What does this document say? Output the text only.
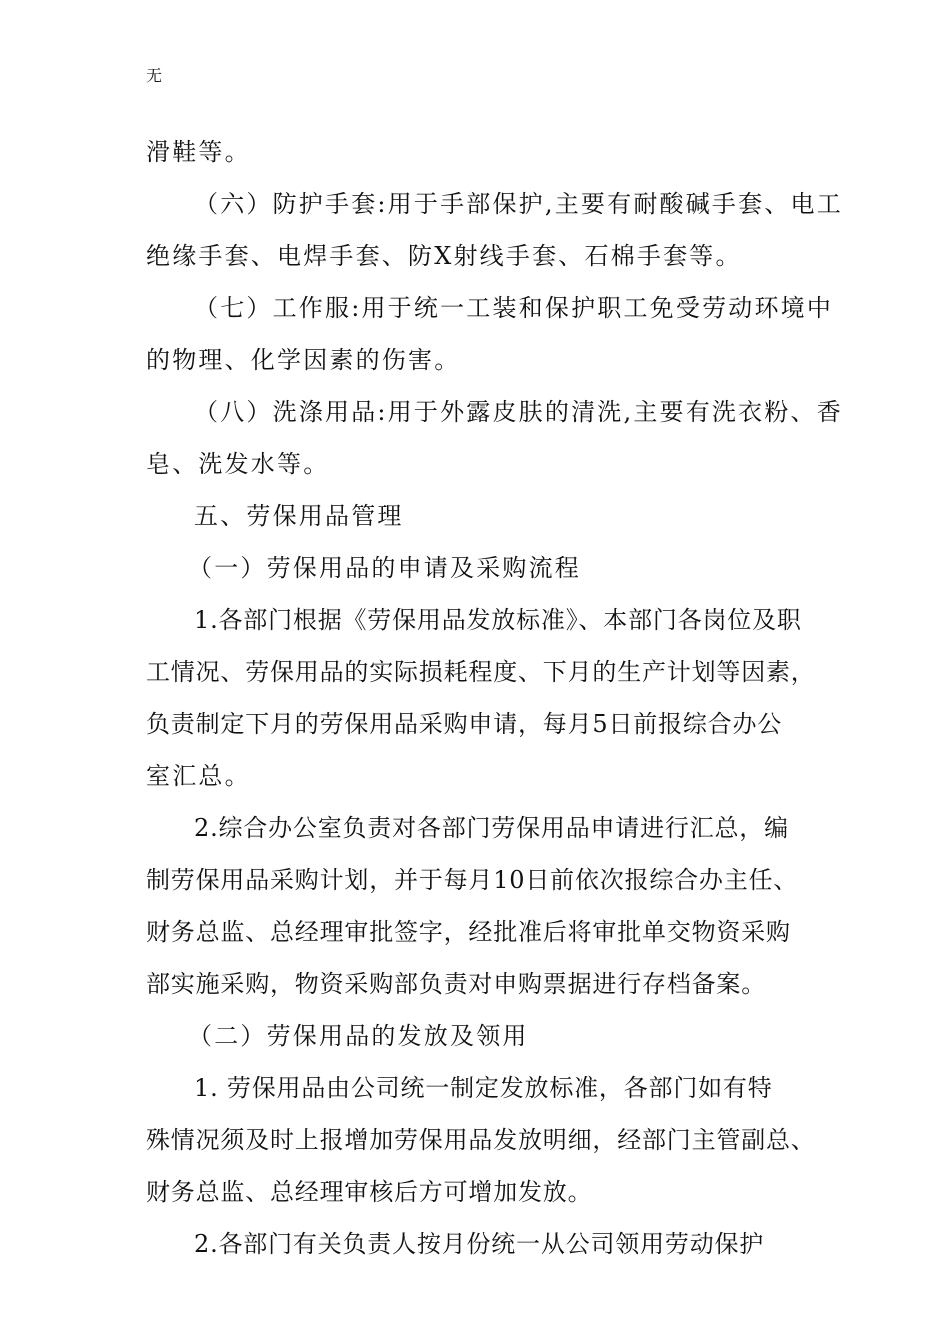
无
滑鞋等。
（六）防护手套:用于手部保护,主要有耐酸碱手套、电工
绝缘手套、电焊手套、防X射线手套、石棉手套等。
（七）工作服:用于统一工装和保护职工免受劳动环境中
的物理、化学因素的伤害。
（八）洗涤用品:用于外露皮肤的清洗,主要有洗衣粉、香
皂、洗发水等。
五、劳保用品管理
（一）劳保用品的申请及采购流程
1.各部门根据《劳保用品发放标准》、本部门各岗位及职
工情况、劳保用品的实际损耗程度、下月的生产计划等因素，
负责制定下月的劳保用品采购申请，每月5日前报综合办公
室汇总。
2.综合办公室负责对各部门劳保用品申请进行汇总，编
制劳保用品采购计划，并于每月10日前依次报综合办主任、
财务总监、总经理审批签字，经批准后将审批单交物资采购
部实施采购，物资采购部负责对申购票据进行存档备案。
（二）劳保用品的发放及领用
1. 劳保用品由公司统一制定发放标准，各部门如有特
殊情况须及时上报增加劳保用品发放明细，经部门主管副总、
财务总监、总经理审核后方可增加发放。
2.各部门有关负责人按月份统一从公司领用劳动保护
